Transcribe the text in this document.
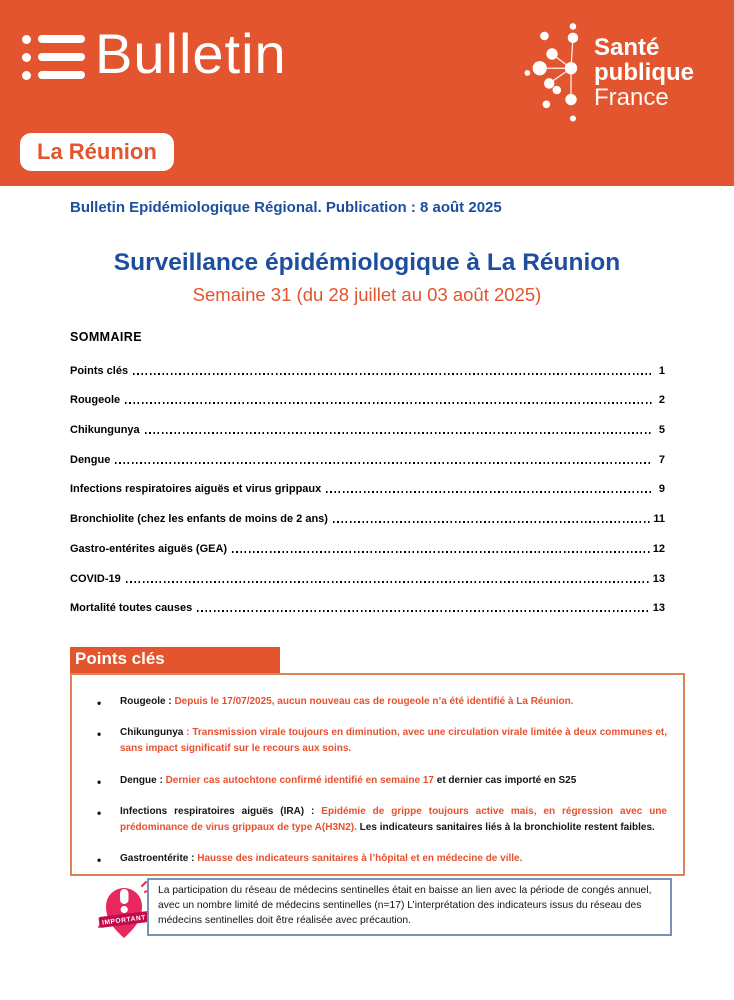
Bulletin	Santé
publique
France
La Réunion

Bulletin Epidémiologique Régional. Publication : 8 août 2025

Surveillance épidémiologique à La Réunion

Semaine 31 (du 28 juillet au 03 août 2025)

SOMMAIRE

Points clés	1
Rougeole	2
Chikungunya	5
Dengue	7
Infections respiratoires aiguës et virus grippaux	9
Bronchiolite (chez les enfants de moins de 2 ans)	11
Gastro-entérites aiguës (GEA)	12
COVID-19	13
Mortalité toutes causes	13
Points clés
• Rougeole : Depuis le 17/07/2025, aucun nouveau cas de rougeole n’a été identifié à La Réunion.
• Chikungunya : Transmission virale toujours en diminution, avec une circulation virale limitée à deux communes et, sans impact significatif sur le recours aux soins.
• Dengue : Dernier cas autochtone confirmé identifié en semaine 17 et dernier cas importé en S25
• Infections respiratoires aiguës (IRA) : Epidémie de grippe toujours active mais, en régression avec une prédominance de virus grippaux de type A(H3N2). Les indicateurs sanitaires liés à la bronchiolite restent faibles.
• Gastroentérite : Hausse des indicateurs sanitaires à l’hôpital et en médecine de ville.
IMPORTANT
La participation du réseau de médecins sentinelles était en baisse an lien avec la période de congés annuel, avec un nombre limité de médecins sentinelles (n=17) L’interprétation des indicateurs issus du réseau des médecins sentinelles doit être réalisée avec précaution.
